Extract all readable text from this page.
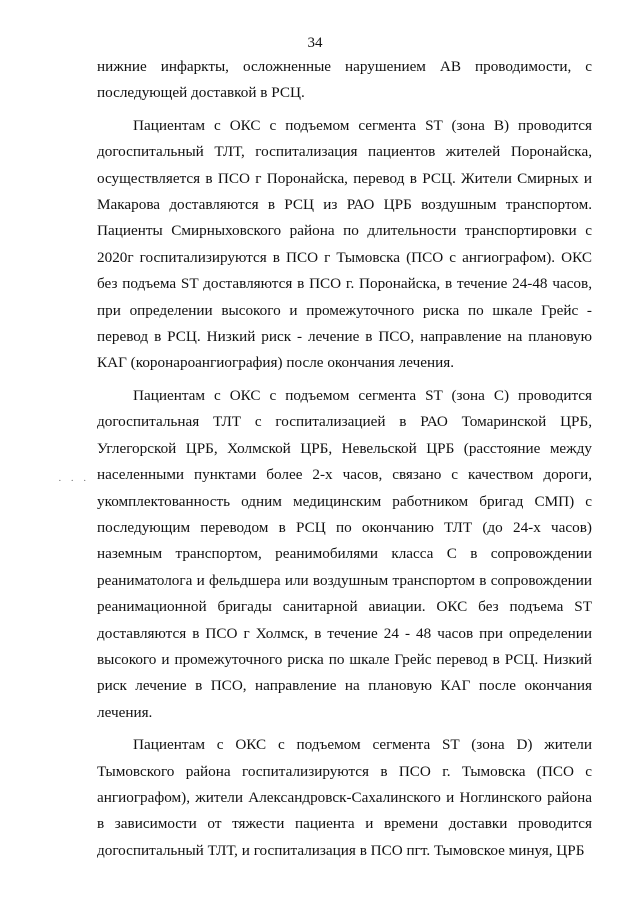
34
· · ·

нижние инфаркты, осложненные нарушением АВ проводимости, с последующей доставкой в РСЦ.

Пациентам с ОКС с подъемом сегмента ST (зона В) проводится догоспитальный ТЛТ, госпитализация пациентов жителей Поронайска, осуществляется в ПСО г Поронайска, перевод в РСЦ. Жители Смирных и Макарова доставляются в РСЦ из РАО ЦРБ воздушным транспортом. Пациенты Смирныховского района по длительности транспортировки с 2020г госпитализируются в ПСО г Тымовска (ПСО с ангиографом). ОКС без подъема ST доставляются в ПСО г. Поронайска, в течение 24-48 часов, при определении высокого и промежуточного риска по шкале Грейс - перевод в РСЦ. Низкий риск - лечение в ПСО, направление на плановую КАГ (коронароангиография) после окончания лечения.

Пациентам с ОКС с подъемом сегмента ST (зона С) проводится догоспитальная ТЛТ с госпитализацией в РАО Томаринской ЦРБ, Углегорской ЦРБ, Холмской ЦРБ, Невельской ЦРБ (расстояние между населенными пунктами более 2-х часов, связано с качеством дороги, укомплектованность одним медицинским работником бригад СМП) с последующим переводом в РСЦ по окончанию ТЛТ (до 24-х часов) наземным транспортом, реанимобилями класса С в сопровождении реаниматолога и фельдшера или воздушным транспортом в сопровождении реанимационной бригады санитарной авиации. ОКС без подъема ST доставляются в ПСО г Холмск, в течение 24 - 48 часов при определении высокого и промежуточного риска по шкале Грейс перевод в РСЦ. Низкий риск лечение в ПСО, направление на плановую КАГ после окончания лечения.

Пациентам с ОКС с подъемом сегмента ST (зона D) жители Тымовского района госпитализируются в ПСО г. Тымовска (ПСО с ангиографом), жители Александровск-Сахалинского и Ноглинского района в зависимости от тяжести пациента и времени доставки проводится догоспитальный ТЛТ, и госпитализация в ПСО пгт. Тымовское минуя, ЦРБ
